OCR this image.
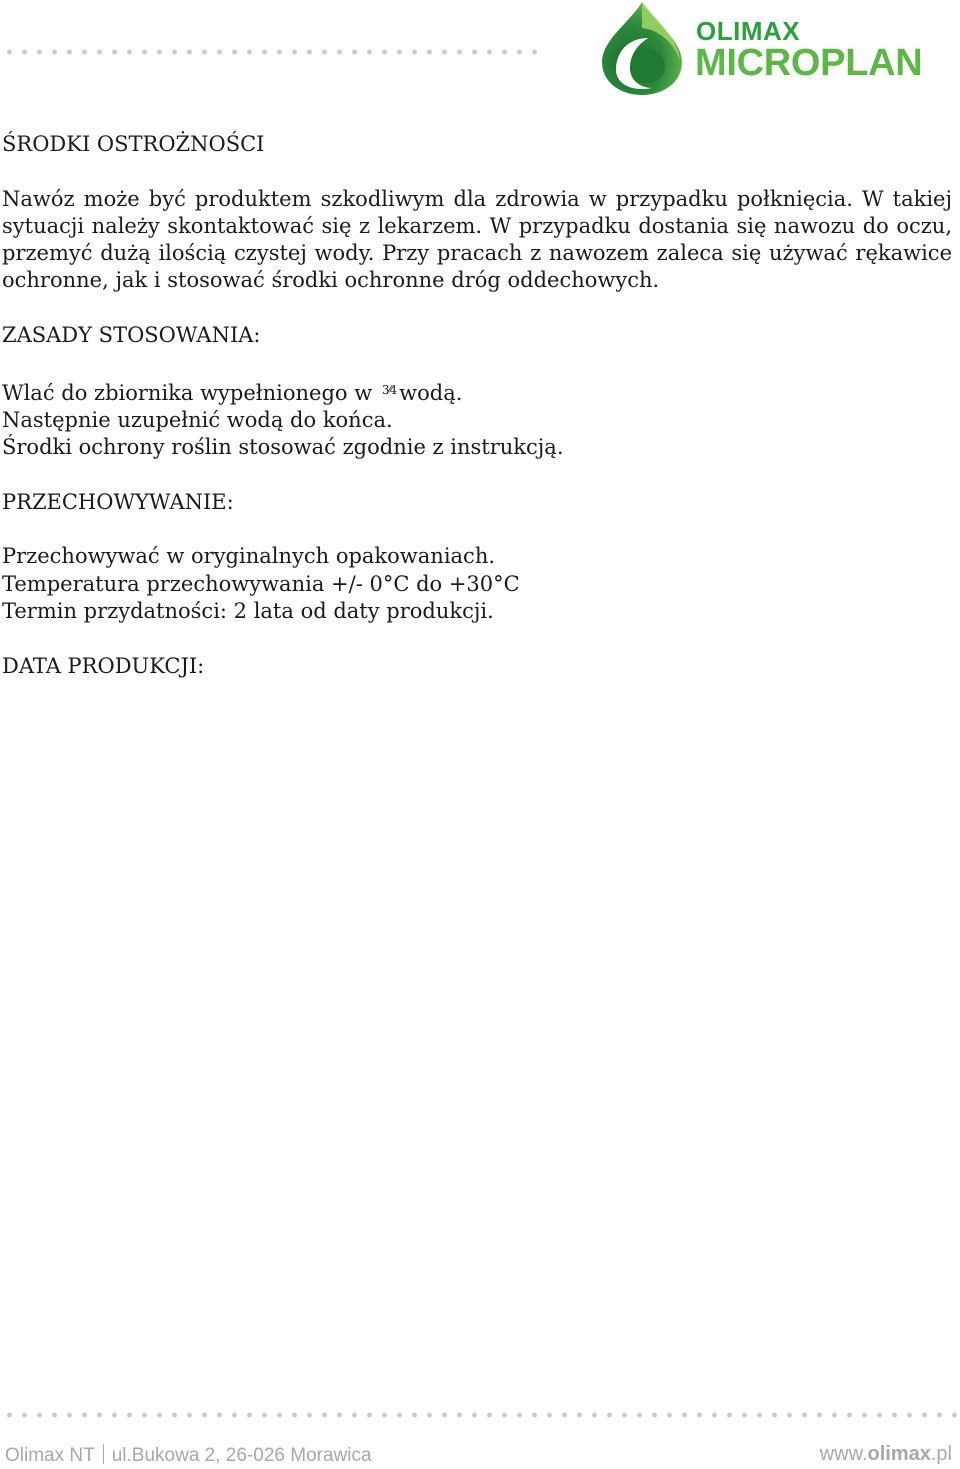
OLIMAX
MICROPLAN
ŚRODKI OSTROŻNOŚCI

Nawóz może być produktem szkodliwym dla zdrowia w przypadku połknięcia. W takiej sytuacji należy skontaktować się z lekarzem. W przypadku dostania się nawozu do oczu, przemyć dużą ilością czystej wody. Przy pracach z nawozem zaleca się używać rękawice ochronne, jak i stosować środki ochronne dróg oddechowych.

ZASADY STOSOWANIA:

Wlać do zbiornika wypełnionego w $^{3⁄4}$ wodą.

Następnie uzupełnić wodą do końca.

Środki ochrony roślin stosować zgodnie z instrukcją.

PRZECHOWYWANIE:

Przechowywać w oryginalnych opakowaniach.

Temperatura przechowywania +/- 0°C do +30°C

Termin przydatności: 2 lata od daty produkcji.

DATA PRODUKCJI:
Olimax NT ul.Bukowa 2, 26-026 Morawica	www.olimax.pl
